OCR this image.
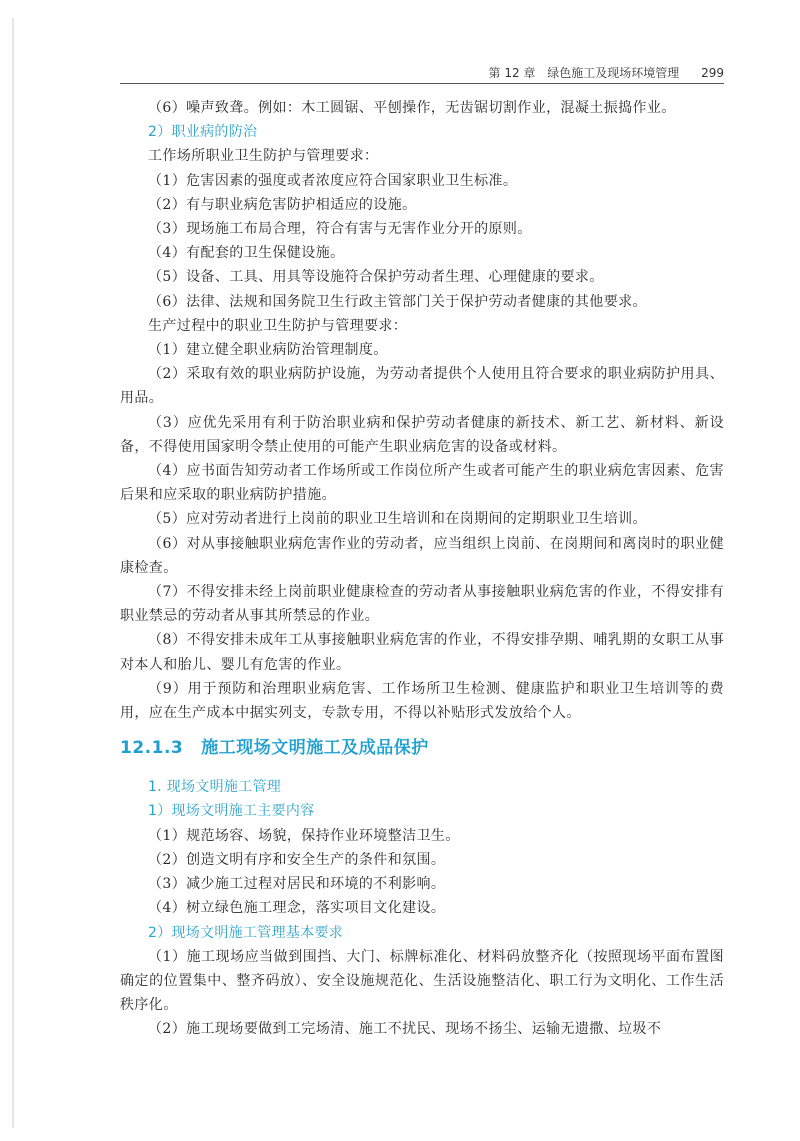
第 12 章 绿色施工及现场环境管理 299

（6）噪声致聋。例如：木工圆锯、平刨操作，无齿锯切割作业，混凝土振捣作业。

2）职业病的防治

工作场所职业卫生防护与管理要求：

（1）危害因素的强度或者浓度应符合国家职业卫生标准。

（2）有与职业病危害防护相适应的设施。

（3）现场施工布局合理，符合有害与无害作业分开的原则。

（4）有配套的卫生保健设施。

（5）设备、工具、用具等设施符合保护劳动者生理、心理健康的要求。

（6）法律、法规和国务院卫生行政主管部门关于保护劳动者健康的其他要求。

生产过程中的职业卫生防护与管理要求：

（1）建立健全职业病防治管理制度。

（2）采取有效的职业病防护设施，为劳动者提供个人使用且符合要求的职业病防护用具、用品。

（3）应优先采用有利于防治职业病和保护劳动者健康的新技术、新工艺、新材料、新设备，不得使用国家明令禁止使用的可能产生职业病危害的设备或材料。

（4）应书面告知劳动者工作场所或工作岗位所产生或者可能产生的职业病危害因素、危害后果和应采取的职业病防护措施。

（5）应对劳动者进行上岗前的职业卫生培训和在岗期间的定期职业卫生培训。

（6）对从事接触职业病危害作业的劳动者，应当组织上岗前、在岗期间和离岗时的职业健康检查。

（7）不得安排未经上岗前职业健康检查的劳动者从事接触职业病危害的作业，不得安排有职业禁忌的劳动者从事其所禁忌的作业。

（8）不得安排未成年工从事接触职业病危害的作业，不得安排孕期、哺乳期的女职工从事对本人和胎儿、婴儿有危害的作业。

（9）用于预防和治理职业病危害、工作场所卫生检测、健康监护和职业卫生培训等的费用，应在生产成本中据实列支，专款专用，不得以补贴形式发放给个人。

12.1.3 施工现场文明施工及成品保护

1. 现场文明施工管理

1）现场文明施工主要内容

（1）规范场容、场貌，保持作业环境整洁卫生。

（2）创造文明有序和安全生产的条件和氛围。

（3）减少施工过程对居民和环境的不利影响。

（4）树立绿色施工理念，落实项目文化建设。

2）现场文明施工管理基本要求

（1）施工现场应当做到围挡、大门、标牌标准化、材料码放整齐化（按照现场平面布置图确定的位置集中、整齐码放）、安全设施规范化、生活设施整洁化、职工行为文明化、工作生活秩序化。

（2）施工现场要做到工完场清、施工不扰民、现场不扬尘、运输无遗撒、垃圾不
